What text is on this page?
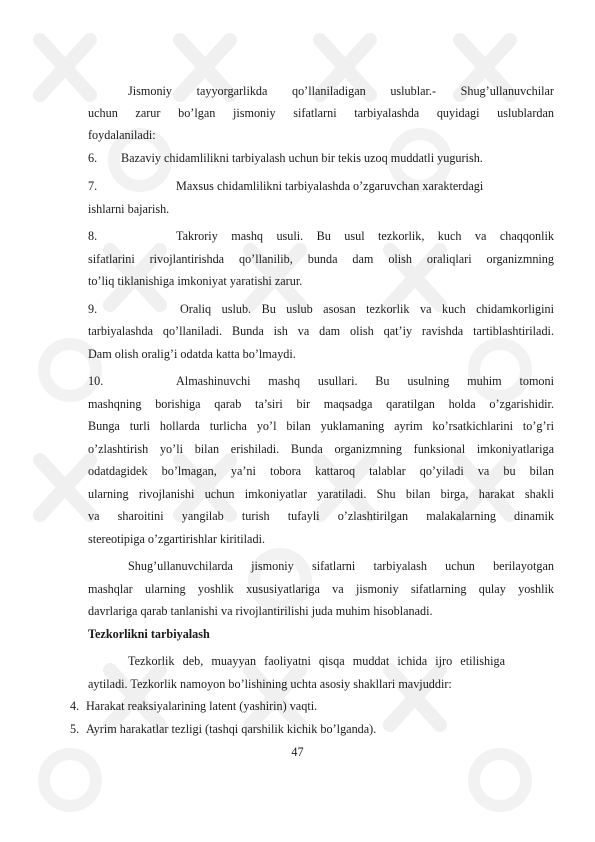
Jismoniy tayyorgarlikda qo’llaniladigan uslublar.- Shug’ullanuvchilar
uchun zarur bo’lgan jismoniy sifatlarni tarbiyalashda quyidagi uslublardan
foydalaniladi:
6. Bazaviy chidamlilikni tarbiyalash uchun bir tekis uzoq muddatli yugurish.
7.	Maxsus chidamlilikni tarbiyalashda o’zgaruvchan xarakterdagi
ishlarni bajarish.
8.	Takroriy mashq usuli. Bu usul tezkorlik, kuch va chaqqonlik
sifatlarini rivojlantirishda qo’llanilib, bunda dam olish oraliqlari organizmning
to’liq tiklanishiga imkoniyat yaratishi zarur.
9.	Oraliq uslub. Bu uslub asosan tezkorlik va kuch chidamkorligini
tarbiyalashda qo’llaniladi. Bunda ish va dam olish qat’iy ravishda tartiblashtiriladi.
Dam olish oralig’i odatda katta bo’lmaydi.
10.	Almashinuvchi mashq usullari. Bu usulning muhim tomoni
mashqning borishiga qarab ta’siri bir maqsadga qaratilgan holda o’zgarishidir.
Bunga turli hollarda turlicha yo’l bilan yuklamaning ayrim ko’rsatkichlarini to’g’ri
o’zlashtirish yo’li bilan erishiladi. Bunda organizmning funksional imkoniyatlariga
odatdagidek bo’lmagan, ya’ni tobora kattaroq talablar qo’yiladi va bu bilan
ularning rivojlanishi uchun imkoniyatlar yaratiladi. Shu bilan birga, harakat shakli
va sharoitini yangilab turish tufayli o’zlashtirilgan malakalarning dinamik
stereotipiga o’zgartirishlar kiritiladi.
Shug’ullanuvchilarda jismoniy sifatlarni tarbiyalash uchun berilayotgan
mashqlar ularning yoshlik xususiyatlariga va jismoniy sifatlarning qulay yoshlik
davrlariga qarab tanlanishi va rivojlantirilishi juda muhim hisoblanadi.
Tezkorlikni tarbiyalash
Tezkorlik deb, muayyan faoliyatni qisqa muddat ichida ijro etilishiga
aytiladi. Tezkorlik namoyon bo’lishining uchta asosiy shakllari mavjuddir:
4. Harakat reaksiyalarining latent (yashirin) vaqti.
5. Ayrim harakatlar tezligi (tashqi qarshilik kichik bo’lganda).
47
